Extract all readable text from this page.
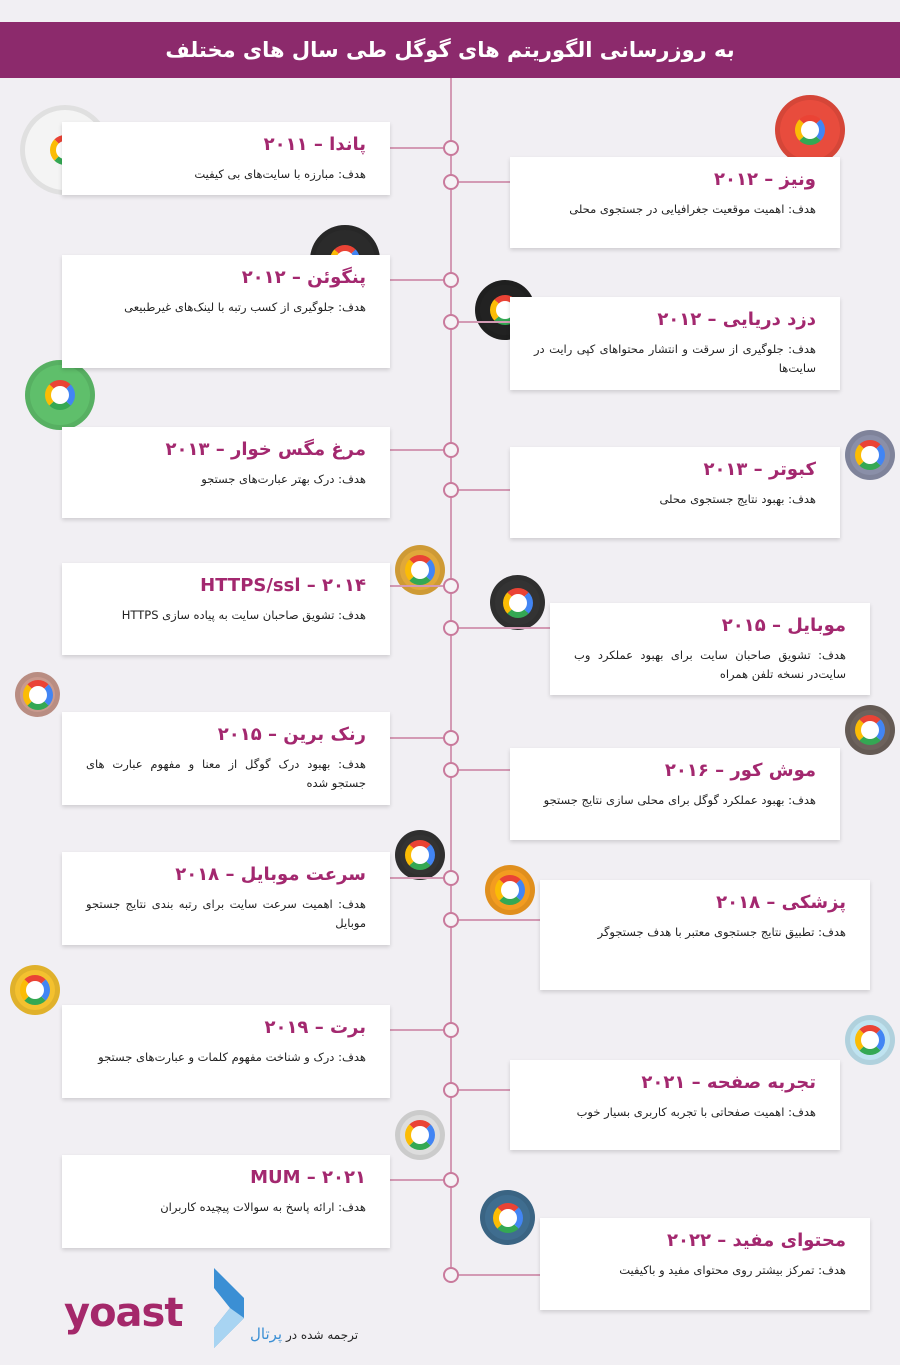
به روزرسانی الگوریتم های گوگل طی سال های مختلف
پاندا – ۲۰۱۱

هدف: مبارزه با سایت‌های بی کیفیت	ونیز – ۲۰۱۲

هدف: اهمیت موقعیت جغرافیایی در جستجوی محلی

پنگوئن – ۲۰۱۲

هدف: جلوگیری از کسب رتبه با لینک‌های غیرطبیعی

دزد دریایی – ۲۰۱۲

هدف: جلوگیری از سرقت و انتشار محتواهای کپی رایت در سایت‌ها

مرغ مگس خوار – ۲۰۱۳

هدف: درک بهتر عبارت‌های جستجو	کبوتر – ۲۰۱۳

هدف: بهبود نتایج جستجوی محلی

HTTPS/ssl – ۲۰۱۴

هدف: تشویق صاحبان سایت به پیاده سازی HTTPS	موبایل – ۲۰۱۵

هدف: تشویق صاحبان سایت برای بهبود عملکرد وب سایت‌در نسخه تلفن همراه

رنک برین – ۲۰۱۵

هدف: بهبود درک گوگل از معنا و مفهوم عبارت های جستجو شده

موش کور – ۲۰۱۶

هدف: بهبود عملکرد گوگل برای محلی سازی نتایج جستجو

سرعت موبایل – ۲۰۱۸

هدف: اهمیت سرعت سایت برای رتبه بندی نتایج جستجو موبایل

پزشکی – ۲۰۱۸

هدف: تطبیق نتایج جستجوی معتبر با هدف جستجوگر

برت – ۲۰۱۹

هدف: درک و شناخت مفهوم کلمات و عبارت‌های جستجو

تجربه صفحه – ۲۰۲۱

هدف: اهمیت صفحاتی با تجربه کاربری بسیار خوب

MUM – ۲۰۲۱

هدف: ارائه پاسخ به سوالات پیچیده کاربران

محتوای مفید – ۲۰۲۲

هدف: تمرکز بیشتر روی محتوای مفید و باکیفیت

yoast	ترجمه شده در پرتال
